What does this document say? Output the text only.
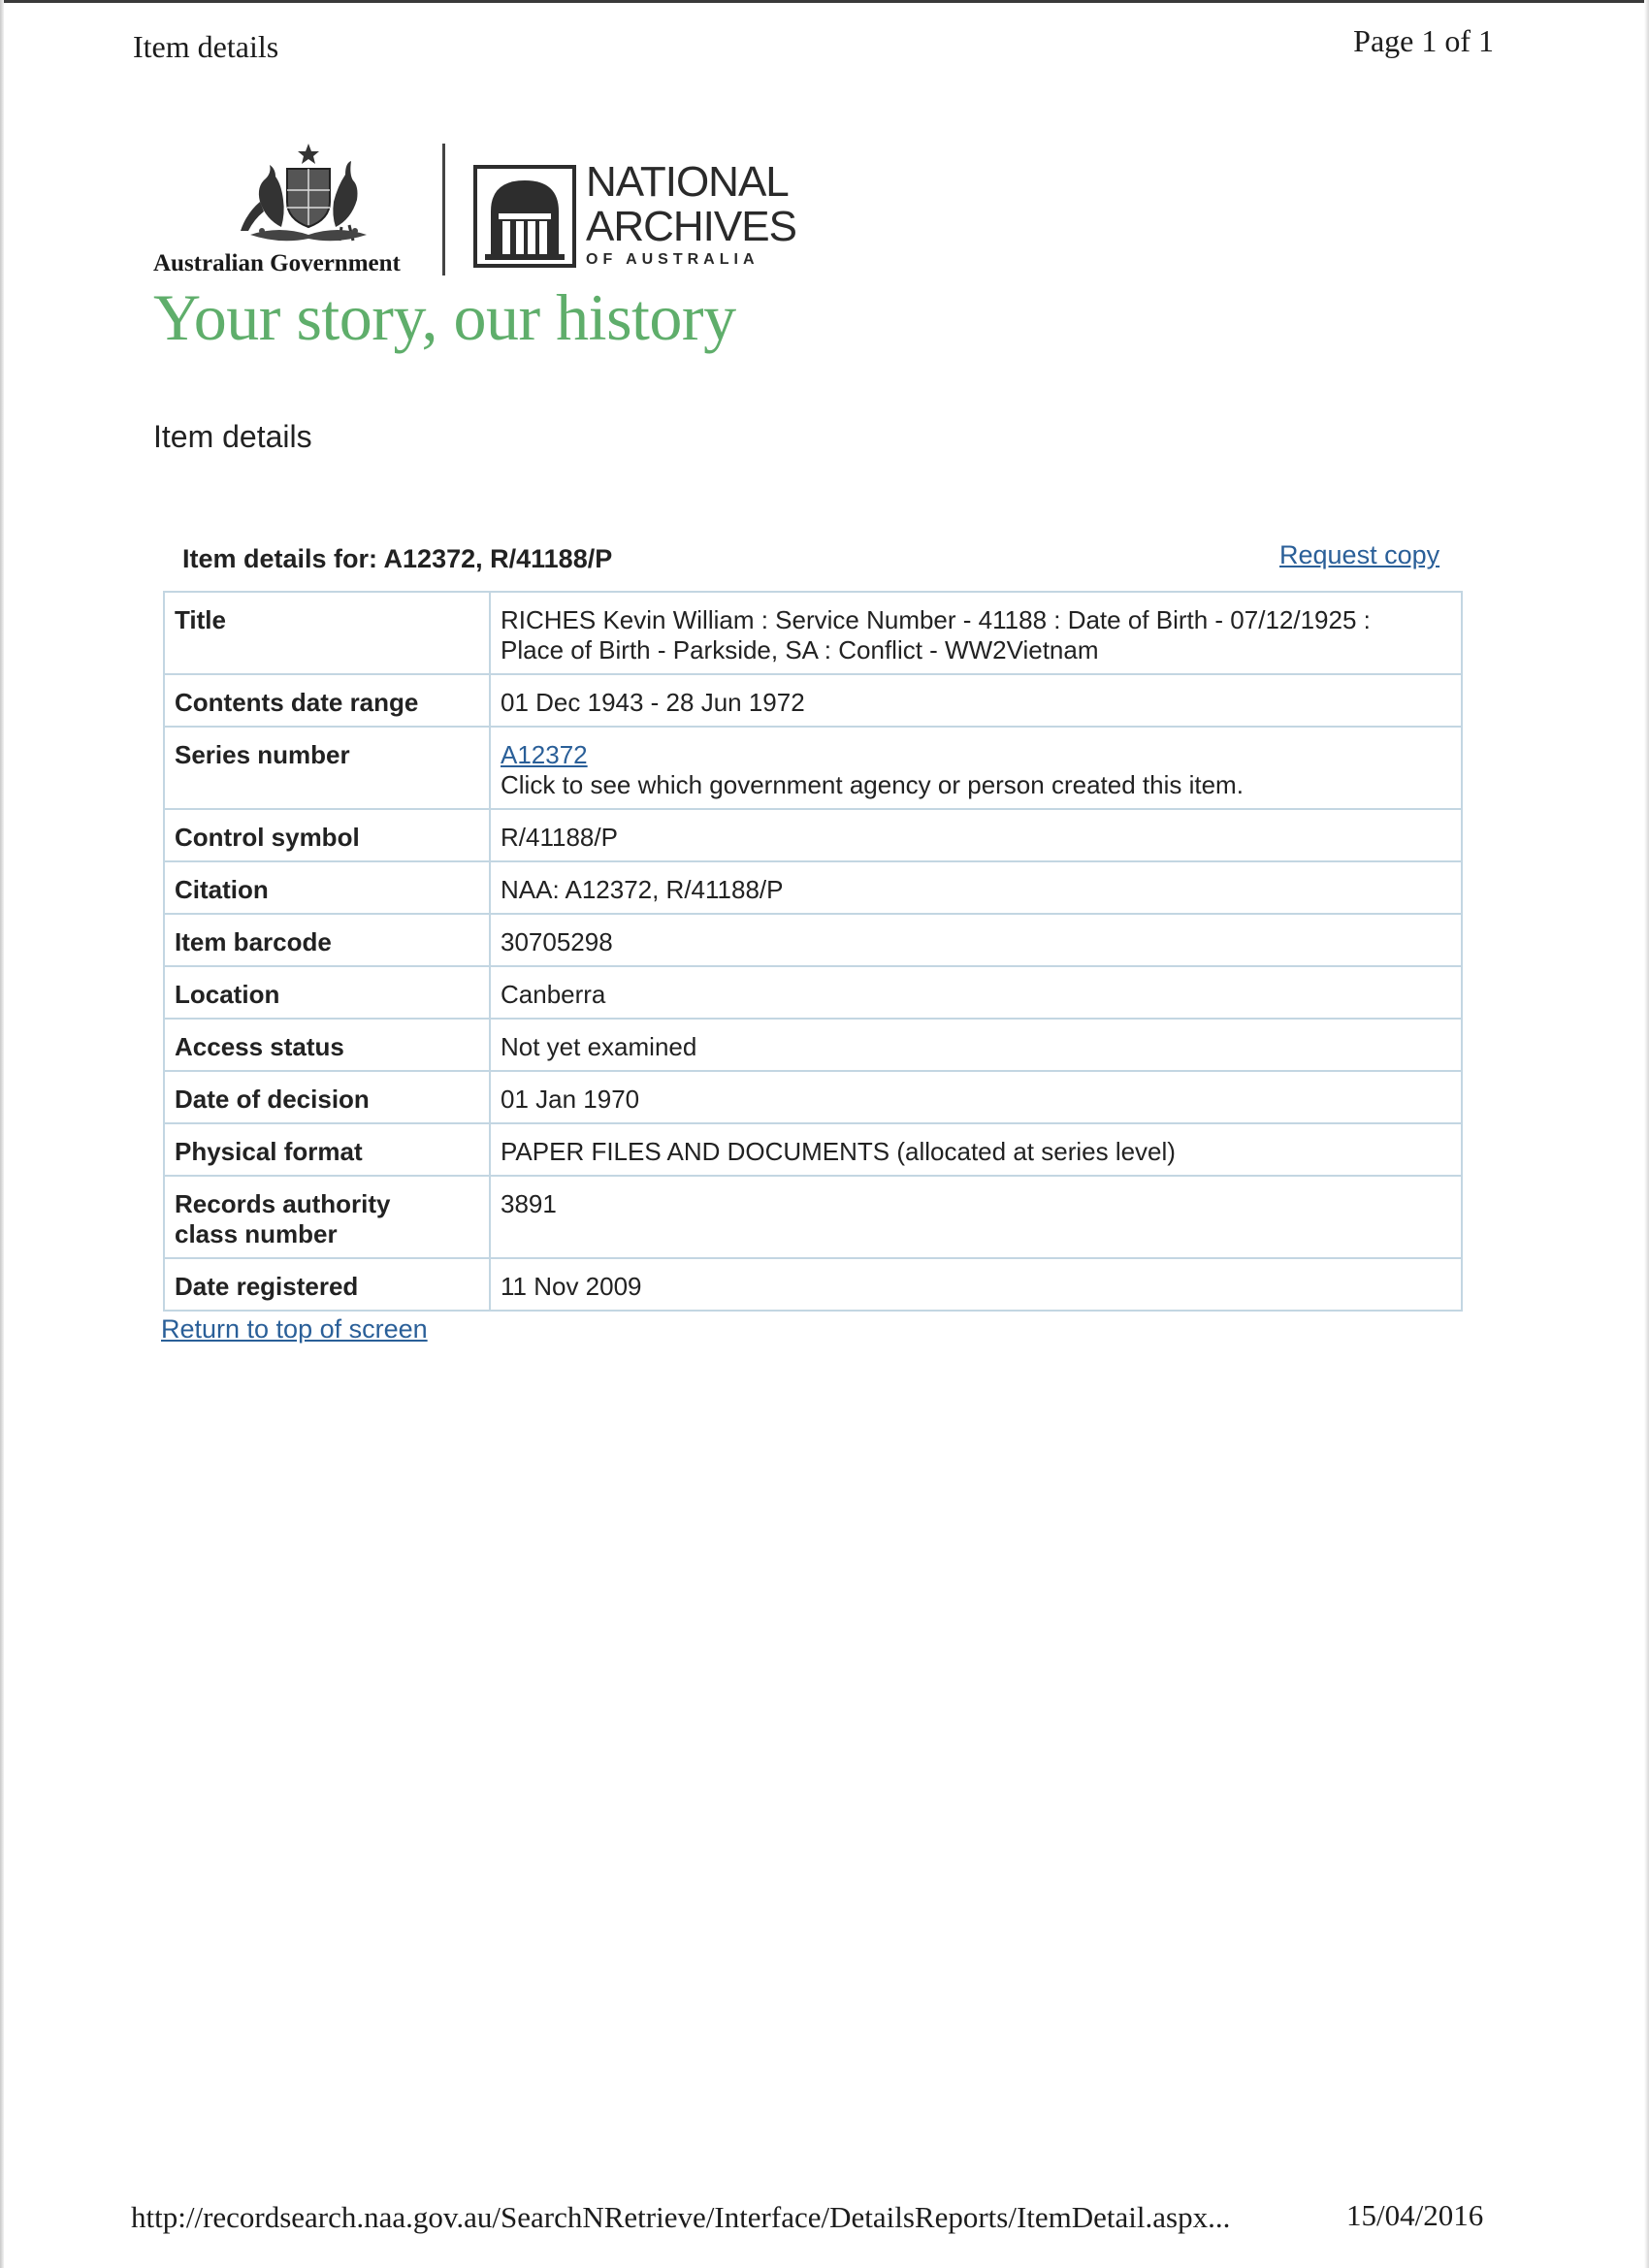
Item details	Page 1 of 1
Australian Government
NATIONAL
ARCHIVES
OF AUSTRALIA
Your story, our history
Item details
Item details for: A12372, R/41188/P	Request copy
Title	RICHES Kevin William : Service Number - 41188 : Date of Birth - 07/12/1925 :
Place of Birth - Parkside, SA : Conflict - WW2Vietnam

Contents date range	01 Dec 1943 - 28 Jun 1972
Series number	A12372
Click to see which government agency or person created this item.

Control symbol	R/41188/P
Citation	NAA: A12372, R/41188/P
Item barcode	30705298
Location	Canberra
Access status	Not yet examined
Date of decision	01 Jan 1970
Physical format	PAPER FILES AND DOCUMENTS (allocated at series level)

Records authority
class number	3891
Date registered	11 Nov 2009
Return to top of screen
http://recordsearch.naa.gov.au/SearchNRetrieve/Interface/DetailsReports/ItemDetail.aspx...	15/04/2016
